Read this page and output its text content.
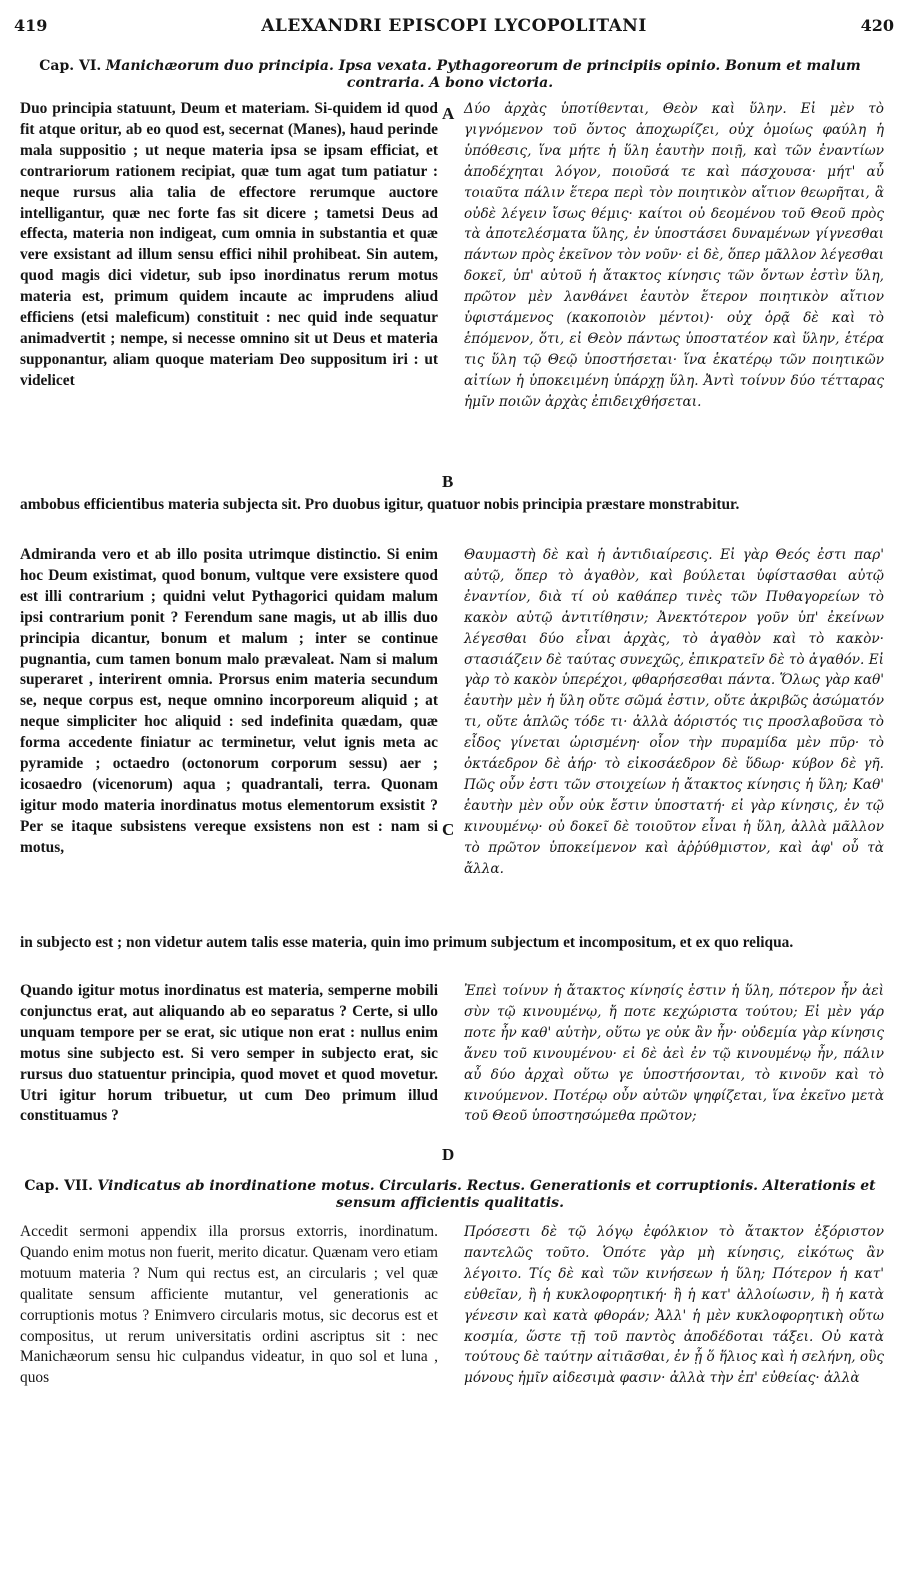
419	ALEXANDRI EPISCOPI LYCOPOLITANI	420
Cap. VI. Manichæorum duo principia. Ipsa vexata. Pythagoreorum de principiis opinio. Bonum et malum
contraria. A bono victoria.

Duo principia statuunt, Deum et materiam. Si-quidem id quod fit atque oritur, ab eo quod est, secernat (Manes), haud perinde mala suppositio ; ut neque materia ipsa se ipsam efficiat, et contrariorum rationem recipiat, quæ tum agat tum patiatur : neque rursus alia talia de effectore rerumque auctore intelligantur, quæ nec forte fas sit dicere ; tametsi Deus ad effecta, materia non indigeat, cum omnia in substantia et quæ vere exsistant ad illum sensu effici nihil prohibeat. Sin autem, quod magis dici videtur, sub ipso inordinatus rerum motus materia est, primum quidem incaute ac imprudens aliud efficiens (etsi maleficum) constituit : nec quid inde sequatur animadvertit ; nempe, si necesse omnino sit ut Deus et materia supponantur, aliam quoque materiam Deo suppositum iri : ut videlicet

A Δύο ἀρχὰς ὑποτίθενται, Θεὸν καὶ ὕλην. Εἰ μὲν τὸ γιγνόμενον τοῦ ὄντος ἀποχωρίζει, οὐχ ὁμοίως φαύλη ἡ ὑπόθεσις, ἵνα μήτε ἡ ὕλη ἑαυτὴν ποιῇ, καὶ τῶν ἐναντίων ἀποδέχηται λόγον, ποιοῦσά τε καὶ πάσχουσα· μήτ' αὖ τοιαῦτα πάλιν ἕτερα περὶ τὸν ποιητικὸν αἴτιον θεωρῆται, ἃ οὐδὲ λέγειν ἴσως θέμις· καίτοι οὐ δεομένου τοῦ Θεοῦ πρὸς τὰ ἀποτελέσματα ὕλης, ἐν ὑποστάσει δυναμένων γίγνεσθαι πάντων πρὸς ἐκεῖνον τὸν νοῦν· εἰ δὲ, ὅπερ μᾶλλον λέγεσθαι δοκεῖ, ὑπ' αὐτοῦ ἡ ἄτακτος κίνησις τῶν ὄντων ἐστὶν ὕλη, πρῶτον μὲν λανθάνει ἑαυτὸν ἕτερον ποιητικὸν αἴτιον ὑφιστάμενος (κακοποιὸν μέντοι)· οὐχ ὁρᾷ δὲ καὶ τὸ ἑπόμενον, ὅτι, εἰ Θεὸν πάντως ὑποστατέον καὶ ὕλην, ἑτέρα τις ὕλη τῷ Θεῷ ὑποστήσεται· ἵνα ἑκατέρῳ τῶν ποιητικῶν αἰτίων ἡ ὑποκειμένη ὑπάρχῃ ὕλη. Ἀντὶ τοίνυν δύο τέτταρας ἡμῖν ποιῶν ἀρχὰς ἐπιδειχθήσεται.

B

ambobus efficientibus materia subjecta sit. Pro duobus igitur, quatuor nobis principia præstare monstrabitur.

Admiranda vero et ab illo posita utrimque distinctio. Si enim hoc Deum existimat, quod bonum, vultque vere exsistere quod est illi contrarium ; quidni velut Pythagorici quidam malum ipsi contrarium ponit ? Ferendum sane magis, ut ab illis duo principia dicantur, bonum et malum ; inter se continue pugnantia, cum tamen bonum malo prævaleat. Nam si malum superaret , interirent omnia. Prorsus enim materia secundum se, neque corpus est, neque omnino incorporeum aliquid ; at neque simpliciter hoc aliquid : sed indefinita quædam, quæ forma accedente finiatur ac terminetur, velut ignis meta ac pyramide ; octaedro (octonorum corporum sessu) aer ; icosaedro (vicenorum) aqua ; quadrantali, terra. Quonam igitur modo materia inordinatus motus elementorum exsistit ? Per se itaque subsistens vereque exsistens non est : nam si motus,

C

Θαυμαστὴ δὲ καὶ ἡ ἀντιδιαίρεσις. Εἰ γὰρ Θεός ἐστι παρ' αὐτῷ, ὅπερ τὸ ἀγαθὸν, καὶ βούλεται ὑφίστασθαι αὐτῷ ἐναντίον, διὰ τί οὐ καθάπερ τινὲς τῶν Πυθαγορείων τὸ κακὸν αὐτῷ ἀντιτίθησιν; Ἀνεκτότερον γοῦν ὑπ' ἐκείνων λέγεσθαι δύο εἶναι ἀρχὰς, τὸ ἀγαθὸν καὶ τὸ κακὸν· στασιάζειν δὲ ταύτας συνεχῶς, ἐπικρατεῖν δὲ τὸ ἀγαθόν. Εἰ γὰρ τὸ κακὸν ὑπερέχοι, φθαρήσεσθαι πάντα. Ὅλως γὰρ καθ' ἑαυτὴν μὲν ἡ ὕλη οὔτε σῶμά ἐστιν, οὔτε ἀκριβῶς ἀσώματόν τι, οὔτε ἁπλῶς τόδε τι· ἀλλὰ ἀόριστός τις προσλαβοῦσα τὸ εἶδος γίνεται ὡρισμένη· οἷον τὴν πυραμίδα μὲν πῦρ· τὸ ὀκτάεδρον δὲ ἀήρ· τὸ εἰκοσάεδρον δὲ ὕδωρ· κύβον δὲ γῆ. Πῶς οὖν ἐστι τῶν στοιχείων ἡ ἄτακτος κίνησις ἡ ὕλη; Καθ' ἑαυτὴν μὲν οὖν οὐκ ἔστιν ὑποστατή· εἰ γὰρ κίνησις, ἐν τῷ κινουμένῳ· οὐ δοκεῖ δὲ τοιοῦτον εἶναι ἡ ὕλη, ἀλλὰ μᾶλλον τὸ πρῶτον ὑποκείμενον καὶ ἀῤῥύθμιστον, καὶ ἀφ' οὗ τὰ ἄλλα.

in subjecto est ; non videtur autem talis esse materia, quin imo primum subjectum et incompositum, et ex quo reliqua.

Quando igitur motus inordinatus est materia, semperne mobili conjunctus erat, aut aliquando ab eo separatus ? Certe, si ullo unquam tempore per se erat, sic utique non erat : nullus enim motus sine subjecto est. Si vero semper in subjecto erat, sic rursus duo statuentur principia, quod movet et quod movetur. Utri igitur horum tribuetur, ut cum Deo primum illud constituamus ?

Ἐπεὶ τοίνυν ἡ ἄτακτος κίνησίς ἐστιν ἡ ὕλη, πότερον ἦν ἀεὶ σὺν τῷ κινουμένῳ, ἤ ποτε κεχώριστα τούτου; Εἰ μὲν γάρ ποτε ἦν καθ' αὑτὴν, οὕτω γε οὐκ ἂν ἦν· οὐδεμία γὰρ κίνησις ἄνευ τοῦ κινουμένου· εἰ δὲ ἀεὶ ἐν τῷ κινουμένῳ ἦν, πάλιν αὖ δύο ἀρχαὶ οὕτω γε ὑποστήσονται, τὸ κινοῦν καὶ τὸ κινούμενον. Ποτέρῳ οὖν αὐτῶν ψηφίζεται, ἵνα ἐκεῖνο μετὰ τοῦ Θεοῦ ὑποστησώμεθα πρῶτον;

D
Cap. VII. Vindicatus ab inordinatione motus. Circularis. Rectus. Generationis et corruptionis. Alterationis et
sensum afficientis qualitatis.

Accedit sermoni appendix illa prorsus extorris, inordinatum. Quando enim motus non fuerit, merito dicatur. Quænam vero etiam motuum materia ? Num qui rectus est, an circularis ; vel quæ qualitate sensum afficiente mutantur, vel generationis ac corruptionis motus ? Enimvero circularis motus, sic decorus est et compositus, ut rerum universitatis ordini ascriptus sit : nec Manichæorum sensu hic culpandus videatur, in quo sol et luna , quos

Πρόσεστι δὲ τῷ λόγῳ ἐφόλκιον τὸ ἄτακτον ἐξόριστον παντελῶς τοῦτο. Ὁπότε γὰρ μὴ κίνησις, εἰκότως ἂν λέγοιτο. Τίς δὲ καὶ τῶν κινήσεων ἡ ὕλη; Πότερον ἡ κατ' εὐθεῖαν, ἢ ἡ κυκλοφορητική· ἢ ἡ κατ' ἀλλοίωσιν, ἢ ἡ κατὰ γένεσιν καὶ κατὰ φθοράν; Ἀλλ' ἡ μὲν κυκλοφορητικὴ οὕτω κοσμία, ὥστε τῇ τοῦ παντὸς ἀποδέδοται τάξει. Οὐ κατὰ τούτους δὲ ταύτην αἰτιᾶσθαι, ἐν ᾗ ὅ ἥλιος καὶ ἡ σελήνη, οὓς μόνους ἡμῖν αἰδεσιμὰ φασιν· ἀλλὰ τὴν ἐπ' εὐθείας· ἀλλὰ
